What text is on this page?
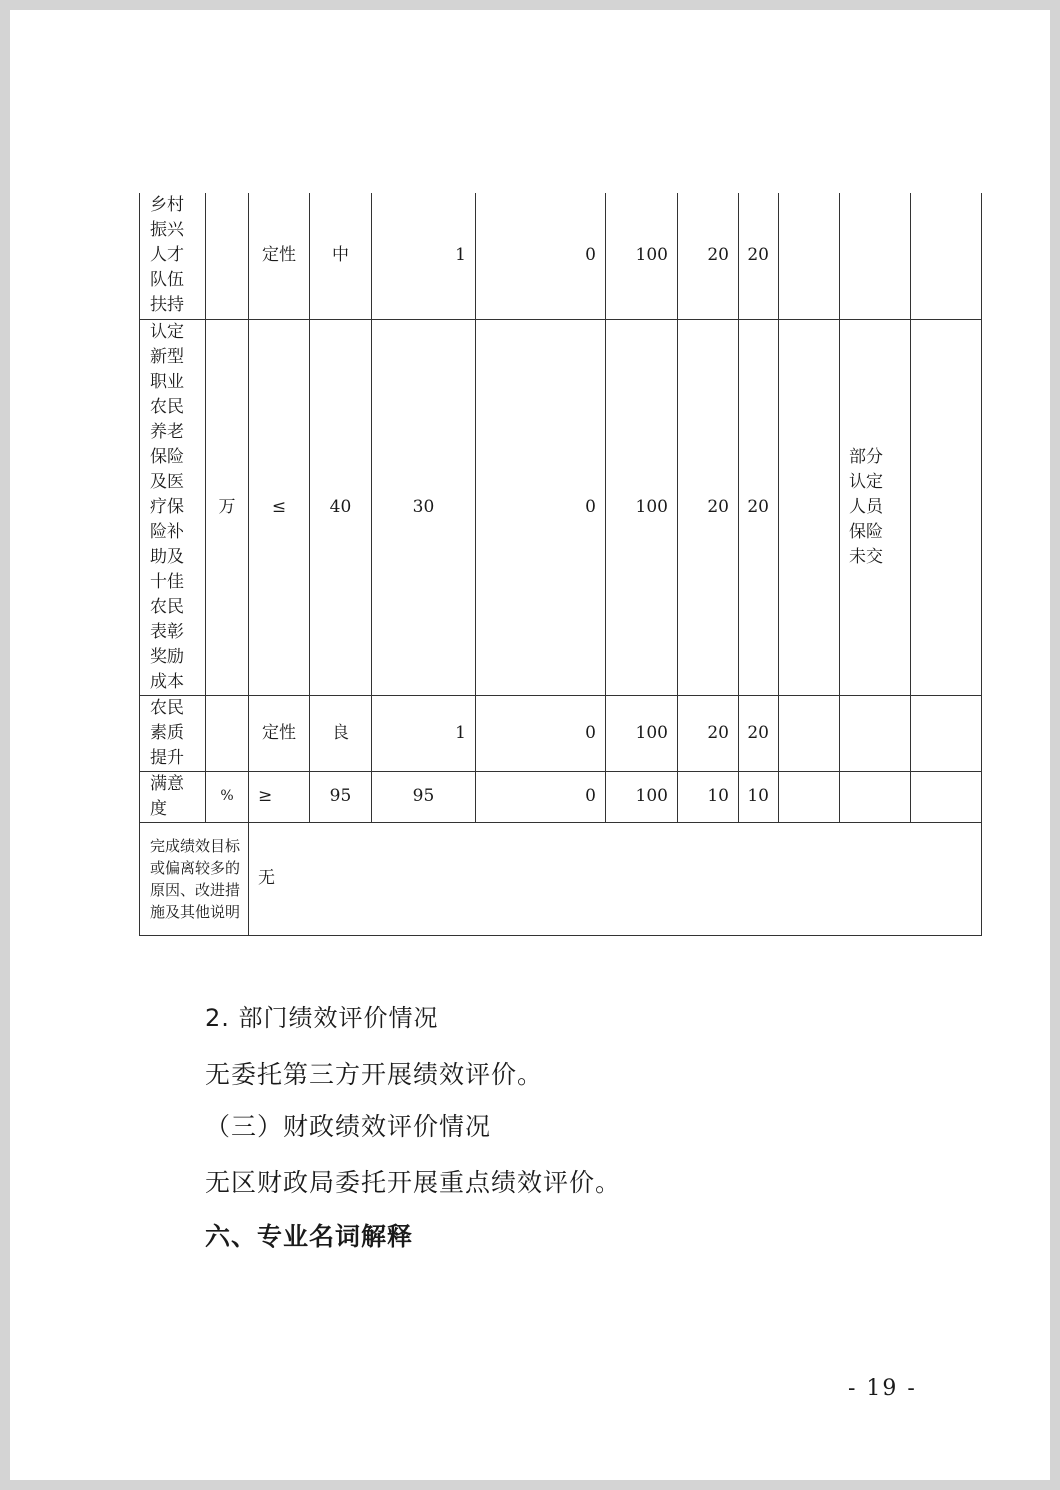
乡村振兴人才队伍扶持		定性	中	1	0	100	20	20		

认定新型职业农民养老保险及医疗保险补助及十佳农民表彰奖励成本	万	≤	40	30	0	100	20	20		部分认定人员保险未交	

农民素质提升		定性	良	1	0	100	20	20		

满意度	%	≥	95	95	0	100	10	10		

完成绩效目标或偏离较多的原因、改进措施及其他说明		无									
2. 部门绩效评价情况
无委托第三方开展绩效评价。
（三）财政绩效评价情况
无区财政局委托开展重点绩效评价。
六、专业名词解释
- 19 -
